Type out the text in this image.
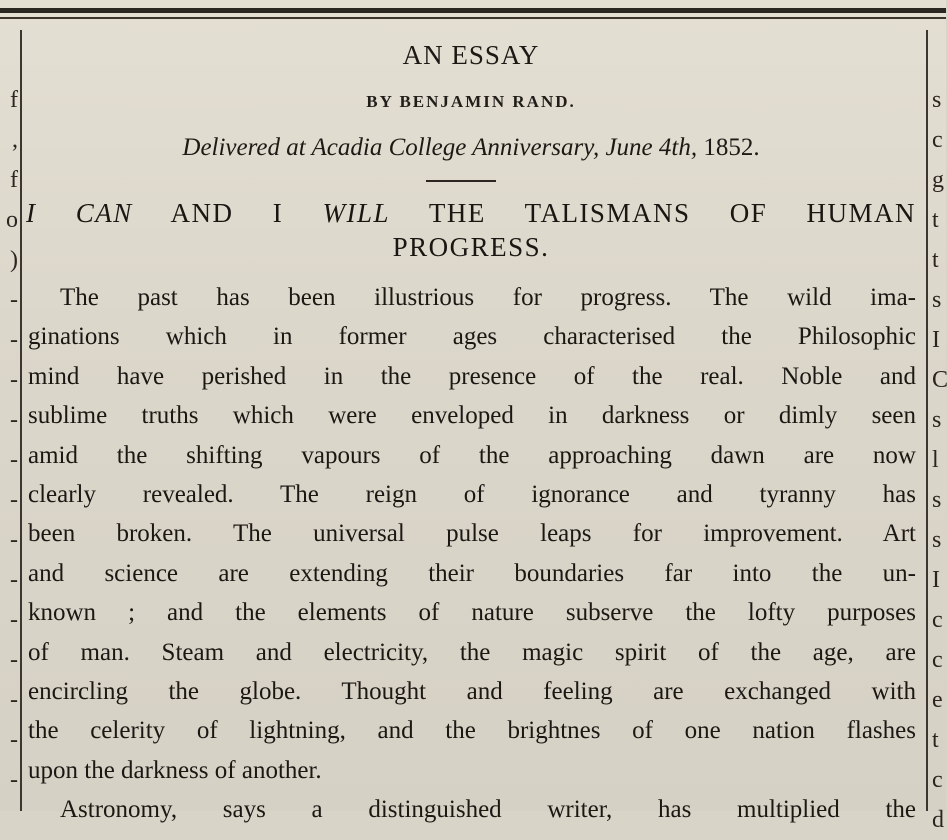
f
,
f
o
)
-
-
-
-
-
-
-
-
-
-
-
-
-
s
c
g
t
t
s
I
C
s
l
s
s
I
c
c
e
t
c
d
AN ESSAY
BY BENJAMIN RAND.
Delivered at Acadia College Anniversary, June 4th, 1852.
I CAN AND I WILL THE TALISMANS OF HUMAN
PROGRESS.
The past has been illustrious for progress. The wild ima-
ginations which in former ages characterised the Philosophic
mind have perished in the presence of the real. Noble and
sublime truths which were enveloped in darkness or dimly seen
amid the shifting vapours of the approaching dawn are now
clearly revealed. The reign of ignorance and tyranny has
been broken. The universal pulse leaps for improvement. Art
and science are extending their boundaries far into the un-
known ; and the elements of nature subserve the lofty purposes
of man. Steam and electricity, the magic spirit of the age, are
encircling the globe. Thought and feeling are exchanged with
the celerity of lightning, and the brightnes of one nation flashes
upon the darkness of another.
Astronomy, says a distinguished writer, has multiplied the
